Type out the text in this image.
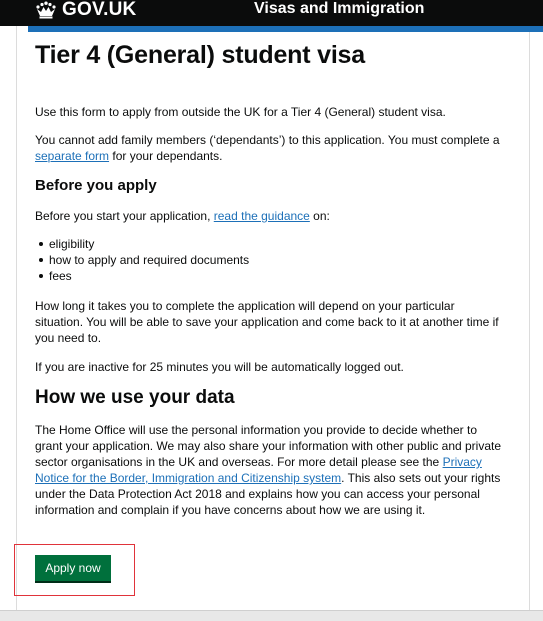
GOV.UK	Visas and Immigration
Tier 4 (General) student visa

Use this form to apply from outside the UK for a Tier 4 (General) student visa.

You cannot add family members (‘dependants’) to this application. You must complete a separate form for your dependants.

Before you apply

Before you start your application, read the guidance on:

eligibility
how to apply and required documents
fees

How long it takes you to complete the application will depend on your particular situation. You will be able to save your application and come back to it at another time if you need to.

If you are inactive for 25 minutes you will be automatically logged out.

How we use your data

The Home Office will use the personal information you provide to decide whether to grant your application. We may also share your information with other public and private sector organisations in the UK and overseas. For more detail please see the Privacy Notice for the Border, Immigration and Citizenship system. This also sets out your rights under the Data Protection Act 2018 and explains how you can access your personal information and complain if you have concerns about how we are using it.

Apply now
